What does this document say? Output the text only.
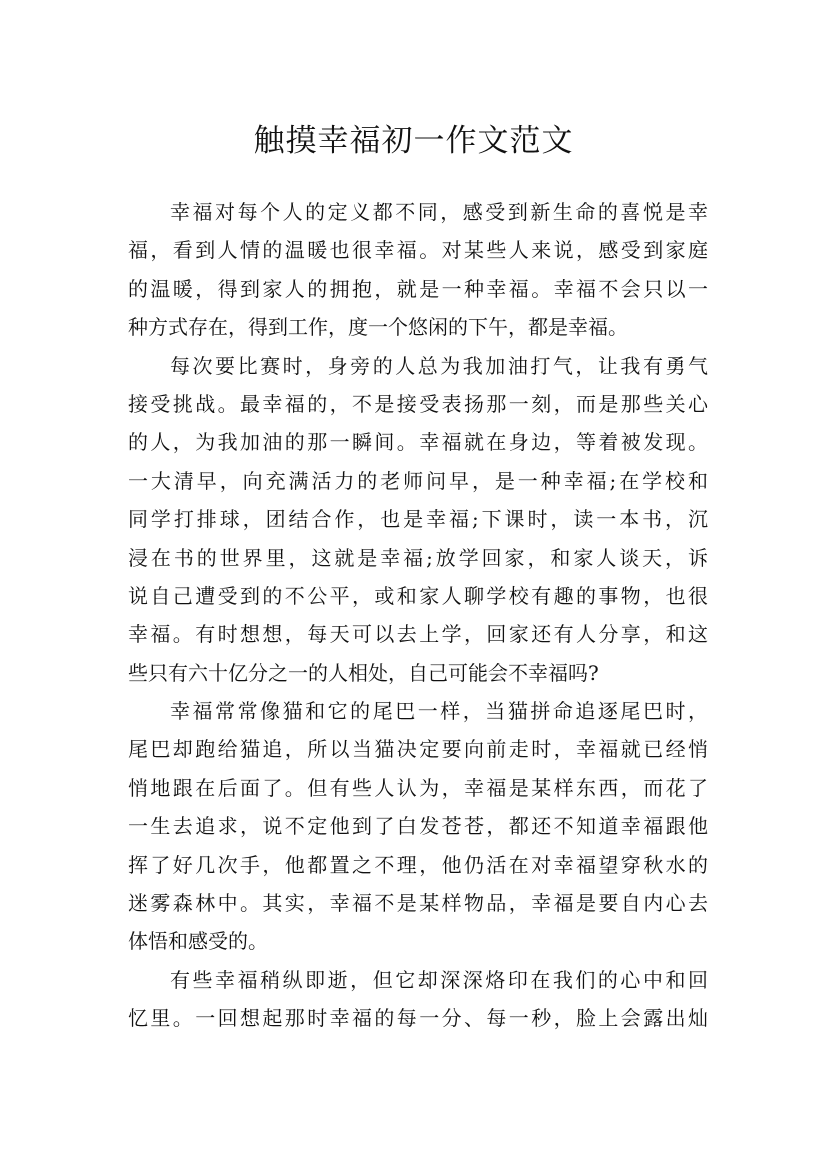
触摸幸福初一作文范文
幸福对每个人的定义都不同，感受到新生命的喜悦是幸
福，看到人情的温暖也很幸福。对某些人来说，感受到家庭
的温暖，得到家人的拥抱，就是一种幸福。幸福不会只以一
种方式存在，得到工作，度一个悠闲的下午，都是幸福。
每次要比赛时，身旁的人总为我加油打气，让我有勇气
接受挑战。最幸福的，不是接受表扬那一刻，而是那些关心
的人，为我加油的那一瞬间。幸福就在身边，等着被发现。
一大清早，向充满活力的老师问早，是一种幸福;在学校和
同学打排球，团结合作，也是幸福;下课时，读一本书，沉
浸在书的世界里，这就是幸福;放学回家，和家人谈天，诉
说自己遭受到的不公平，或和家人聊学校有趣的事物，也很
幸福。有时想想，每天可以去上学，回家还有人分享，和这
些只有六十亿分之一的人相处，自己可能会不幸福吗?
幸福常常像猫和它的尾巴一样，当猫拼命追逐尾巴时，
尾巴却跑给猫追，所以当猫决定要向前走时，幸福就已经悄
悄地跟在后面了。但有些人认为，幸福是某样东西，而花了
一生去追求，说不定他到了白发苍苍，都还不知道幸福跟他
挥了好几次手，他都置之不理，他仍活在对幸福望穿秋水的
迷雾森林中。其实，幸福不是某样物品，幸福是要自内心去
体悟和感受的。
有些幸福稍纵即逝，但它却深深烙印在我们的心中和回
忆里。一回想起那时幸福的每一分、每一秒，脸上会露出灿
